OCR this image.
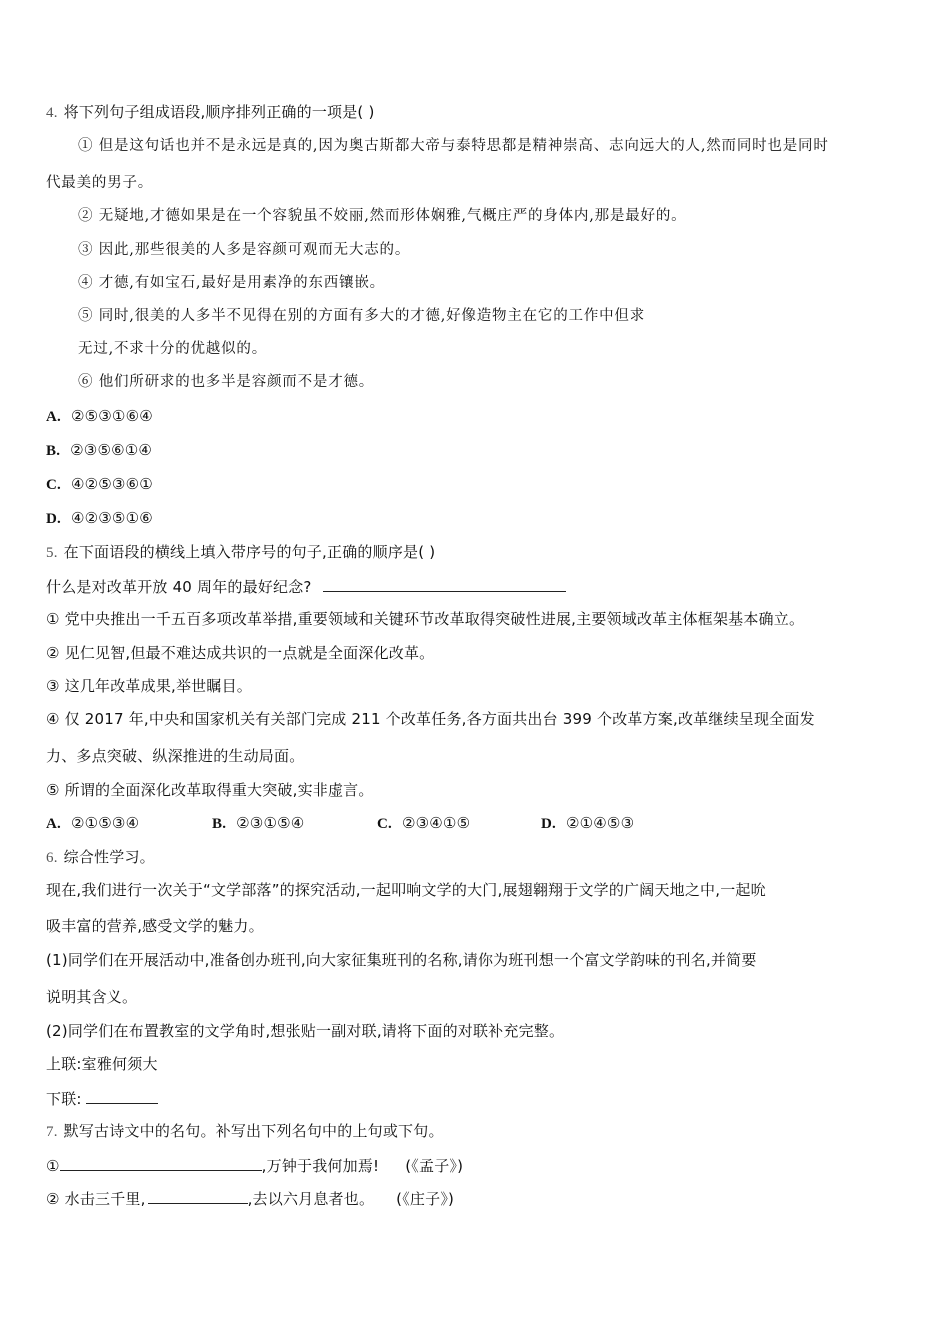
4. 将下列句子组成语段,顺序排列正确的一项是( )
① 但是这句话也并不是永远是真的,因为奥古斯都大帝与泰特思都是精神崇高、志向远大的人,然而同时也是同时
代最美的男子。
② 无疑地,才德如果是在一个容貌虽不姣丽,然而形体娴雅,气概庄严的身体内,那是最好的。
③ 因此,那些很美的人多是容颜可观而无大志的。
④ 才德,有如宝石,最好是用素净的东西镶嵌。
⑤ 同时,很美的人多半不见得在别的方面有多大的才德,好像造物主在它的工作中但求
无过,不求十分的优越似的。
⑥ 他们所研求的也多半是容颜而不是才德。
A. ②⑤③①⑥④
B. ②③⑤⑥①④
C. ④②⑤③⑥①
D. ④②③⑤①⑥
5. 在下面语段的横线上填入带序号的句子,正确的顺序是( )
什么是对改革开放 40 周年的最好纪念?
① 党中央推出一千五百多项改革举措,重要领域和关键环节改革取得突破性进展,主要领域改革主体框架基本确立。
② 见仁见智,但最不难达成共识的一点就是全面深化改革。
③ 这几年改革成果,举世瞩目。
④ 仅 2017 年,中央和国家机关有关部门完成 211 个改革任务,各方面共出台 399 个改革方案,改革继续呈现全面发
力、多点突破、纵深推进的生动局面。
⑤ 所谓的全面深化改革取得重大突破,实非虚言。
A. ②①⑤③④	B. ②③①⑤④	C. ②③④①⑤	D. ②①④⑤③
6. 综合性学习。
现在,我们进行一次关于“文学部落”的探究活动,一起叩响文学的大门,展翅翱翔于文学的广阔天地之中,一起吮
吸丰富的营养,感受文学的魅力。
(1)同学们在开展活动中,准备创办班刊,向大家征集班刊的名称,请你为班刊想一个富文学韵味的刊名,并简要
说明其含义。
(2)同学们在布置教室的文学角时,想张贴一副对联,请将下面的对联补充完整。
上联:室雅何须大
下联:
7. 默写古诗文中的名句。补写出下列名句中的上句或下句。
①	,万钟于我何加焉! (《孟子》)
② 水击三千里,	,去以六月息者也。 (《庄子》)
